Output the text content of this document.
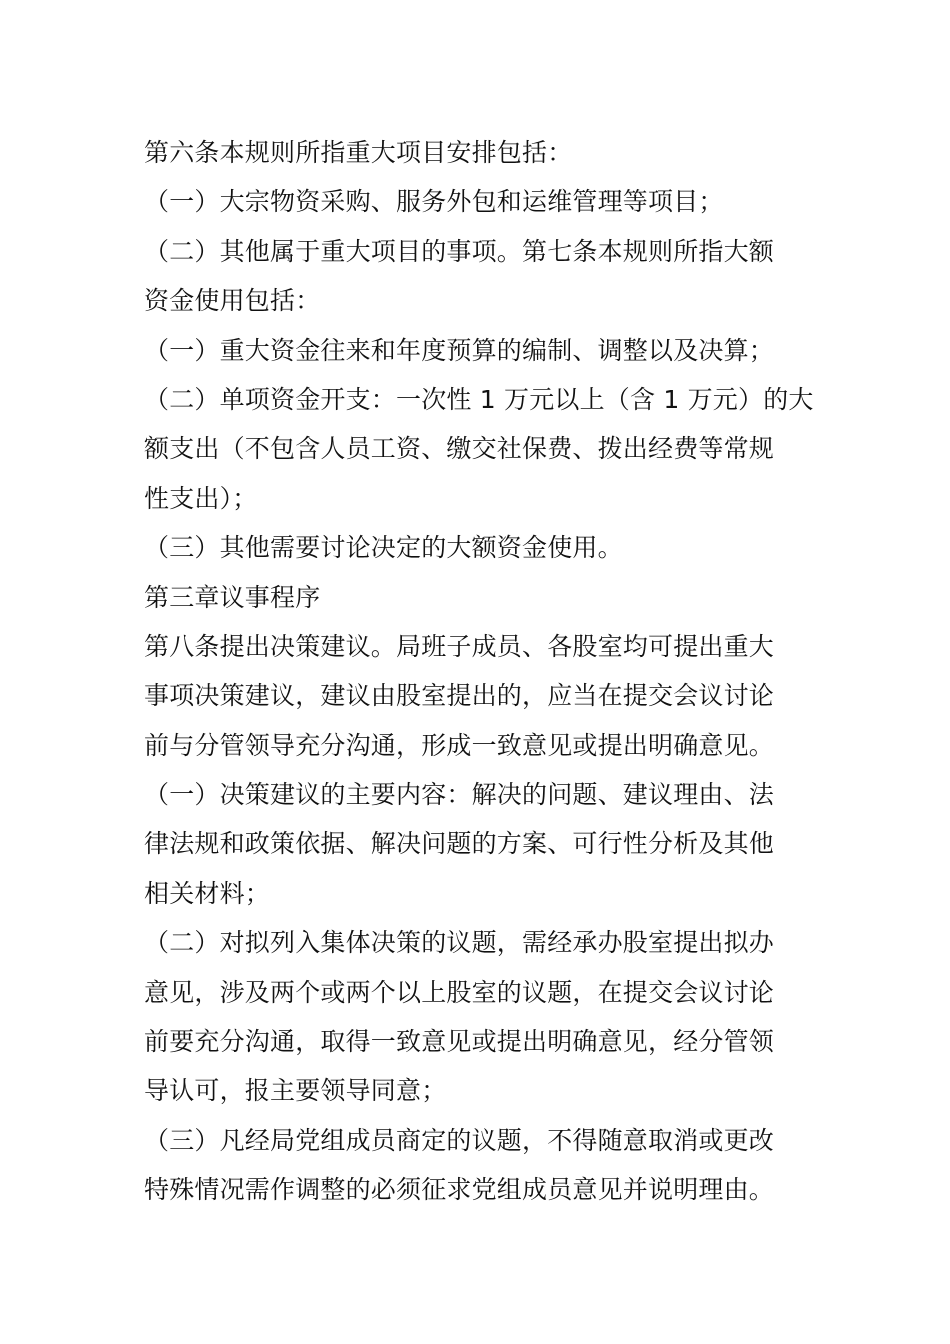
第六条本规则所指重大项目安排包括：
（一）大宗物资采购、服务外包和运维管理等项目；
（二）其他属于重大项目的事项。第七条本规则所指大额
资金使用包括：
（一）重大资金往来和年度预算的编制、调整以及决算；
（二）单项资金开支：一次性 1 万元以上（含 1 万元）的大
额支出（不包含人员工资、缴交社保费、拨出经费等常规
性支出）；
（三）其他需要讨论决定的大额资金使用。
第三章议事程序
第八条提出决策建议。局班子成员、各股室均可提出重大
事项决策建议，建议由股室提出的，应当在提交会议讨论
前与分管领导充分沟通，形成一致意见或提出明确意见。
（一）决策建议的主要内容：解决的问题、建议理由、法
律法规和政策依据、解决问题的方案、可行性分析及其他
相关材料；
（二）对拟列入集体决策的议题，需经承办股室提出拟办
意见，涉及两个或两个以上股室的议题，在提交会议讨论
前要充分沟通，取得一致意见或提出明确意见，经分管领
导认可，报主要领导同意；
（三）凡经局党组成员商定的议题，不得随意取消或更改
特殊情况需作调整的必须征求党组成员意见并说明理由。
